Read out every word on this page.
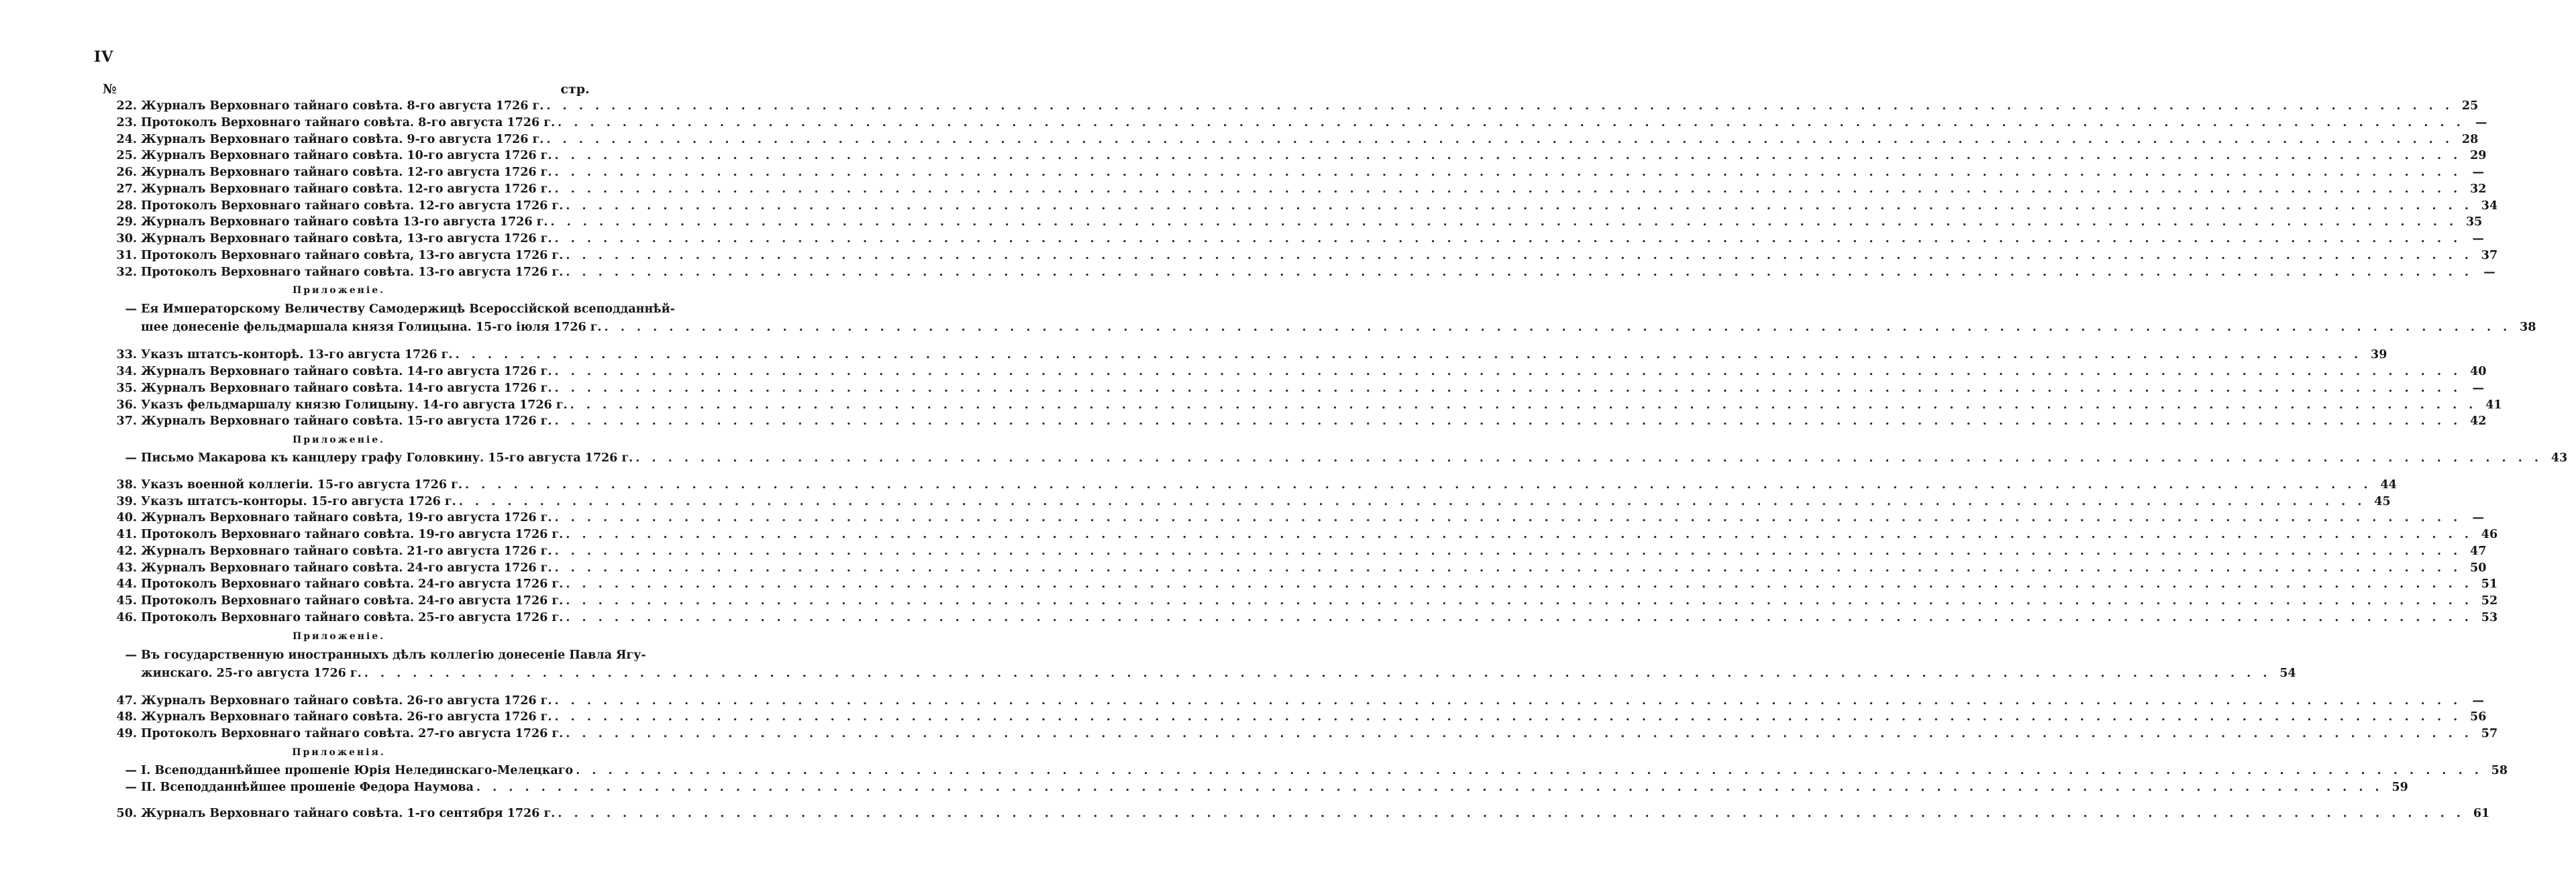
IV
№	стр.
22. Журналъ Верховнаго тайнаго совѣта. 8-го августа 1726 г. . . .	25
23. Протоколъ Верховнаго тайнаго совѣта. 8-го августа 1726 г. . . .	—
24. Журналъ Верховнаго тайнаго совѣта. 9-го августа 1726 г. . . .	28
25. Журналъ Верховнаго тайнаго совѣта. 10-го августа 1726 г. . . .	29
26. Журналъ Верховнаго тайнаго совѣта. 12-го августа 1726 г. . . .	—
27. Журналъ Верховнаго тайнаго совѣта. 12-го августа 1726 г. . . .	32
28. Протоколъ Верховнаго тайнаго совѣта. 12-го августа 1726 г. . . .	34
29. Журналъ Верховнаго тайнаго совѣта 13-го августа 1726 г. . . .	35
30. Журналъ Верховнаго тайнаго совѣта, 13-го августа 1726 г. . . .	—
31. Протоколъ Верховнаго тайнаго совѣта, 13-го августа 1726 г. . . .	37
32. Протоколъ Верховнаго тайнаго совѣта. 13-го августа 1726 г. . . .	—
Приложеніе.
— Ея Императорскому Величеству Самодержицѣ Всероссійской всеподданнѣй-
шее донесеніе фельдмаршала князя Голицына. 15-го іюля 1726 г. . . .	38
33. Указъ штатсъ-конторѣ. 13-го августа 1726 г. . . .	39
34. Журналъ Верховнаго тайнаго совѣта. 14-го августа 1726 г. . . .	40
35. Журналъ Верховнаго тайнаго совѣта. 14-го августа 1726 г. . . .	—
36. Указъ фельдмаршалу князю Голицыну. 14-го августа 1726 г. . . .	41
37. Журналъ Верховнаго тайнаго совѣта. 15-го августа 1726 г. . . .	42
Приложеніе.
— Письмо Макарова къ канцлеру графу Головкину. 15-го августа 1726 г. . . .	43
38. Указъ военной коллегіи. 15-го августа 1726 г. . . .	44
39. Указъ штатсъ-конторы. 15-го августа 1726 г. . . .	45
40. Журналъ Верховнаго тайнаго совѣта, 19-го августа 1726 г. . . .	—
41. Протоколъ Верховнаго тайнаго совѣта. 19-го августа 1726 г. . . .	46
42. Журналъ Верховнаго тайнаго совѣта. 21-го августа 1726 г. . . .	47
43. Журналъ Верховнаго тайнаго совѣта. 24-го августа 1726 г. . . .	50
44. Протоколъ Верховнаго тайнаго совѣта. 24-го августа 1726 г. . . .	51
45. Протоколъ Верховнаго тайнаго совѣта. 24-го августа 1726 г. . . .	52
46. Протоколъ Верховнаго тайнаго совѣта. 25-го августа 1726 г. . . .	53
Приложеніе.
— Въ государственную иностранныхъ дѣлъ коллегію донесеніе Павла Ягу-
жинскаго. 25-го августа 1726 г. . . .	54
47. Журналъ Верховнаго тайнаго совѣта. 26-го августа 1726 г. . . .	—
48. Журналъ Верховнаго тайнаго совѣта. 26-го августа 1726 г. . . .	56
49. Протоколъ Верховнаго тайнаго совѣта. 27-го августа 1726 г. . . .	57
Приложенія.
— I. Всеподданнѣйшее прошеніе Юрія Нелединскаго-Мелецкаго . . .	58
— II. Всеподданнѣйшее прошеніе Федора Наумова . . .	59
50. Журналъ Верховнаго тайнаго совѣта. 1-го сентября 1726 г. . . .	61
